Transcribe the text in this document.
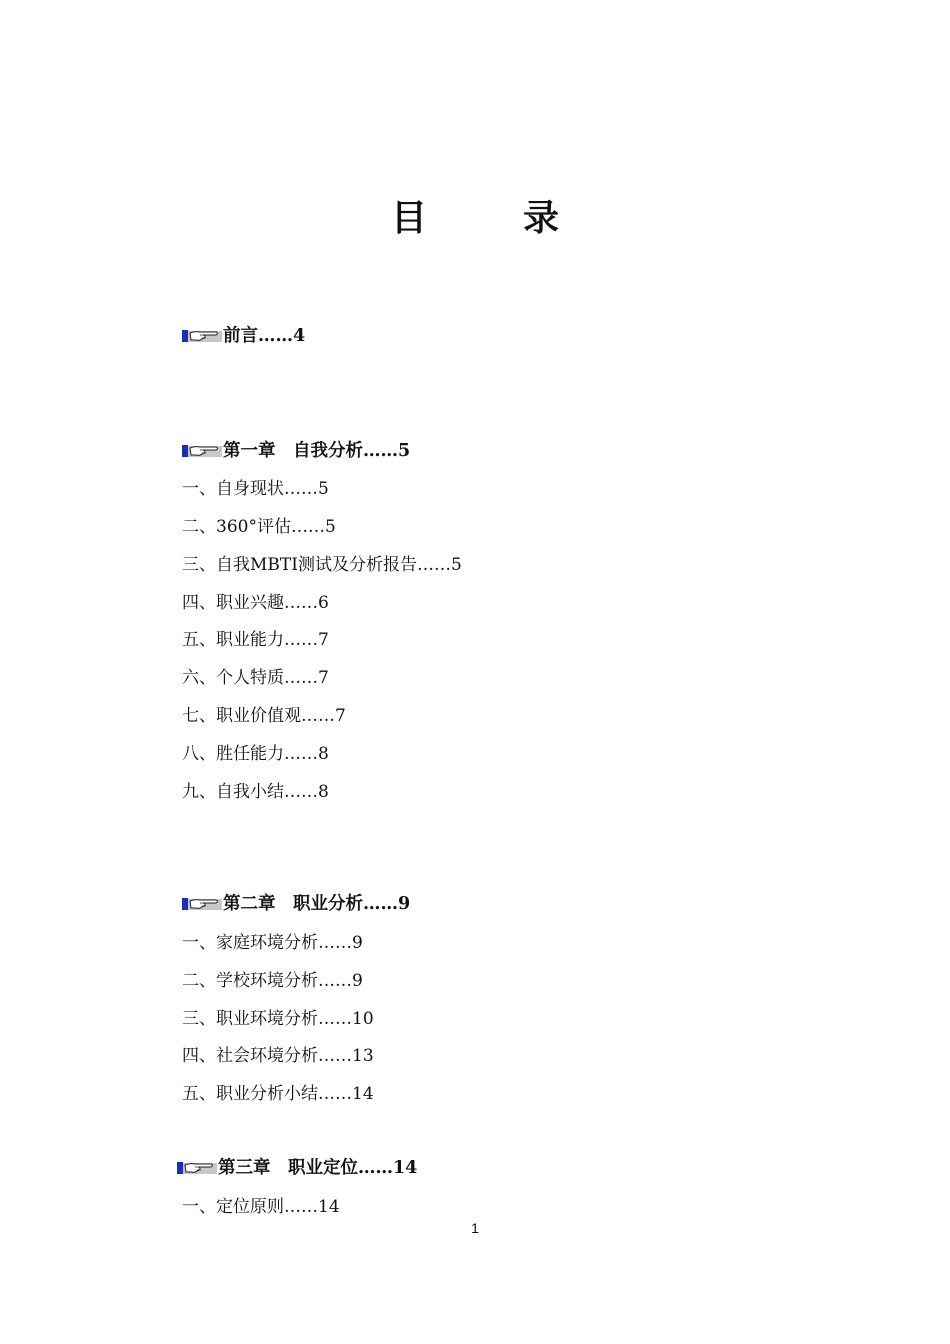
目　录
前言……4
第一章　自我分析……5
一、自身现状……5
二、360°评估……5
三、自我MBTI测试及分析报告……5
四、职业兴趣……6
五、职业能力……7
六、个人特质……7
七、职业价值观……7
八、胜任能力……8
九、自我小结……8
第二章　职业分析……9
一、家庭环境分析……9
二、学校环境分析……9
三、职业环境分析……10
四、社会环境分析……13
五、职业分析小结……14
第三章　职业定位……14
一、定位原则……14
1
